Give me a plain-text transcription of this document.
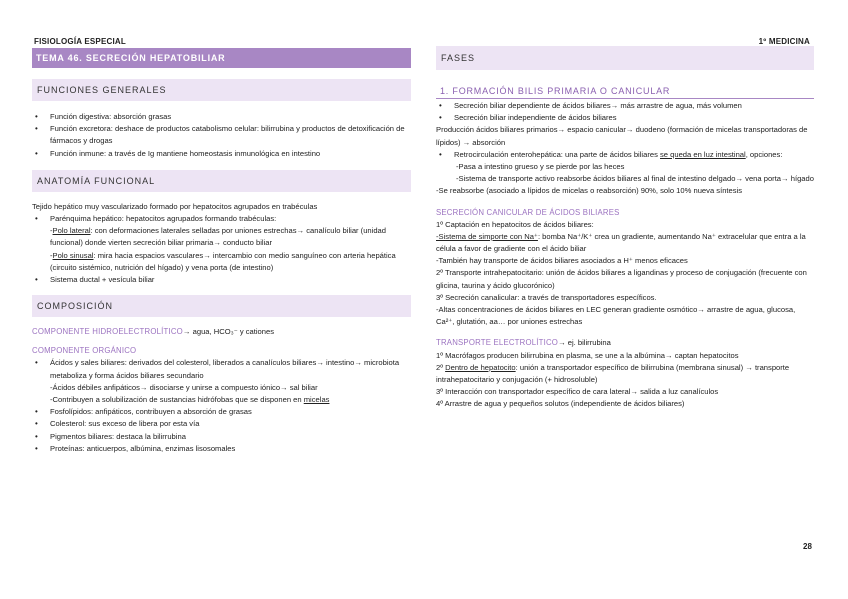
FISIOLOGÍA ESPECIAL	1º MEDICINA
TEMA 46. SECRECIÓN HEPATOBILIAR
FUNCIONES GENERALES
• Función digestiva: absorción grasas
• Función excretora: deshace de productos catabolismo celular: bilirrubina y productos de detoxificación de fármacos y drogas
• Función inmune: a través de Ig mantiene homeostasis inmunológica en intestino
ANATOMÍA FUNCIONAL
Tejido hepático muy vascularizado formado por hepatocitos agrupados en trabéculas
• Parénquima hepático: hepatocitos agrupados formando trabéculas:
-Polo lateral: con deformaciones laterales selladas por uniones estrechas→ canalículo biliar (unidad funcional) donde vierten secreción biliar primaria→ conducto biliar
-Polo sinusal: mira hacia espacios vasculares→ intercambio con medio sanguíneo con arteria hepática (circuito sistémico, nutrición del hígado) y vena porta (de intestino)
• Sistema ductal + vesícula biliar
COMPOSICIÓN
COMPONENTE HIDROELECTROLÍTICO→ agua, HCO₃⁻ y cationes
COMPONENTE ORGÁNICO
• Ácidos y sales biliares: derivados del colesterol, liberados a canalículos biliares→ intestino→ microbiota metaboliza y forma ácidos biliares secundario
-Ácidos débiles anfipáticos→ disociarse y unirse a compuesto iónico→ sal biliar
-Contribuyen a solubilización de sustancias hidrófobas que se disponen en micelas
• Fosfolípidos: anfipáticos, contribuyen a absorción de grasas
• Colesterol: sus exceso de libera por esta vía
• Pigmentos biliares: destaca la bilirrubina
• Proteínas: anticuerpos, albúmina, enzimas lisosomales
FASES
1. FORMACIÓN BILIS PRIMARIA O CANICULAR
• Secreción biliar dependiente de ácidos biliares→ más arrastre de agua, más volumen
• Secreción biliar independiente de ácidos biliares
Producción ácidos biliares primarios→ espacio canicular→ duodeno (formación de micelas transportadoras de lípidos) → absorción
• Retrocirculación enterohepática: una parte de ácidos biliares se queda en luz intestinal, opciones:
-Pasa a intestino grueso y se pierde por las heces
-Sistema de transporte activo reabsorbe ácidos biliares al final de intestino delgado→ vena porta→ hígado
-Se reabsorbe (asociado a lípidos de micelas o reabsorción) 90%, solo 10% nueva síntesis
SECRECIÓN CANICULAR DE ÁCIDOS BILIARES
1º Captación en hepatocitos de ácidos biliares:
-Sistema de simporte con Na⁺: bomba Na⁺/K⁺ crea un gradiente, aumentando Na⁺ extracelular que entra a la célula a favor de gradiente con el ácido biliar
-También hay transporte de ácidos biliares asociados a H⁺ menos eficaces
2º Transporte intrahepatocitario: unión de ácidos biliares a ligandinas y proceso de conjugación (frecuente con glicina, taurina y ácido glucorónico)
3º Secreción canalicular: a través de transportadores específicos.
-Altas concentraciones de ácidos biliares en LEC generan gradiente osmótico→ arrastre de agua, glucosa, Ca²⁺, glutatión, aa… por uniones estrechas
TRANSPORTE ELECTROLÍTICO→ ej. bilirrubina
1º Macrófagos producen bilirrubina en plasma, se une a la albúmina→ captan hepatocitos
2º Dentro de hepatocito: unión a transportador específico de bilirrubina (membrana sinusal) → transporte intrahepatocitario y conjugación (+ hidrosoluble)
3º Interacción con transportador específico de cara lateral→ salida a luz canalículos
4º Arrastre de agua y pequeños solutos (independiente de ácidos biliares)
28
